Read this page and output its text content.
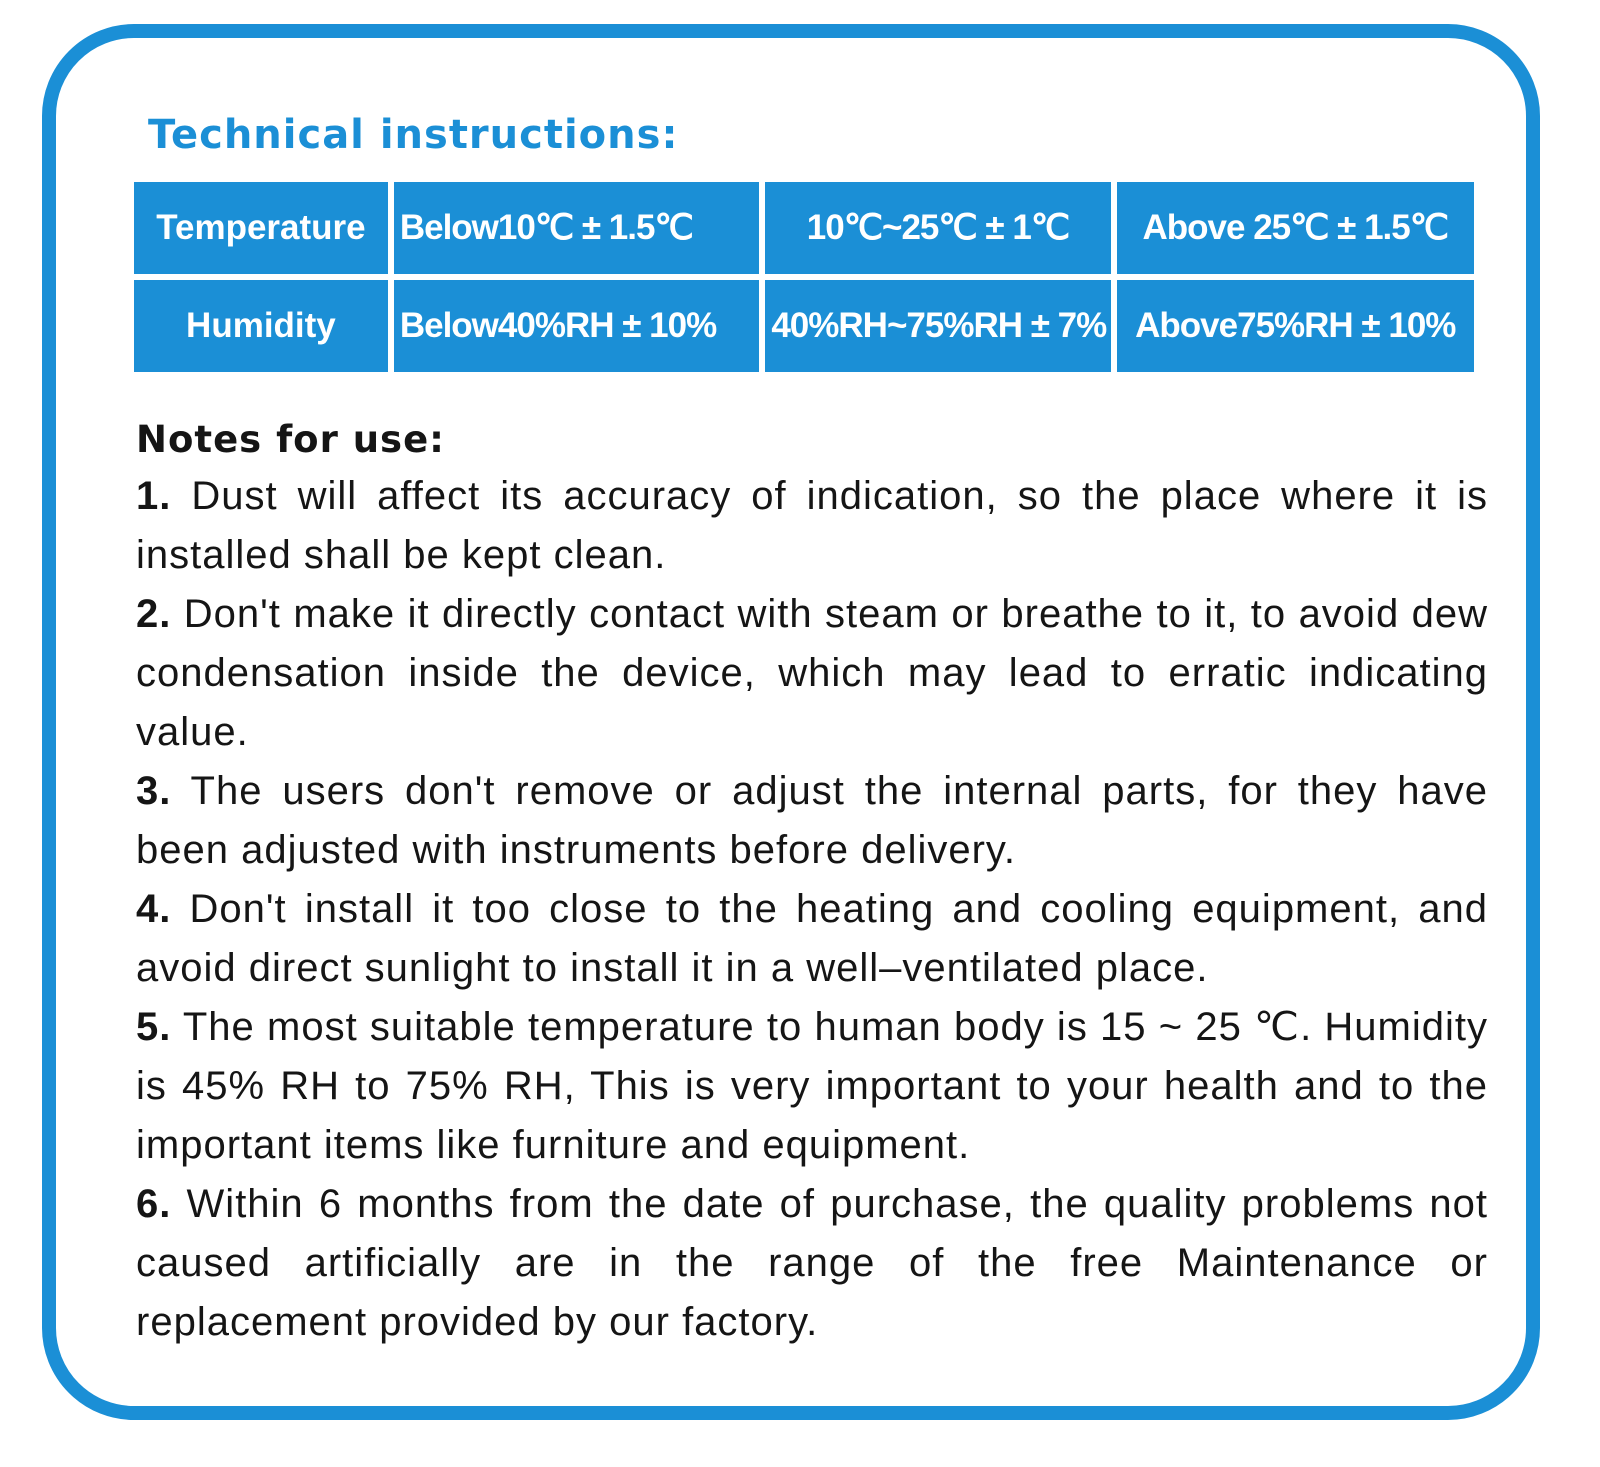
Technical instructions:
Temperature	Below10℃ ± 1.5℃	10℃~25℃ ± 1℃	Above 25℃ ± 1.5℃
Humidity	Below40%RH ± 10%	40%RH~75%RH ± 7%	Above75%RH ± 10%
Notes for use:
1. Dust will affect its accuracy of indication, so the place where it is installed shall be kept clean.
2. Don't make it directly contact with steam or breathe to it, to avoid dew condensation inside the device, which may lead to erratic indicating value.
3. The users don't remove or adjust the internal parts, for they have been adjusted with instruments before delivery.
4. Don't install it too close to the heating and cooling equipment, and avoid direct sunlight to install it in a well–ventilated place.
5. The most suitable temperature to human body is 15 ~ 25 ℃. Humidity is 45% RH to 75% RH, This is very important to your health and to the important items like furniture and equipment.
6. Within 6 months from the date of purchase, the quality problems not caused artificially are in the range of the free Maintenance or replacement provided by our factory.
